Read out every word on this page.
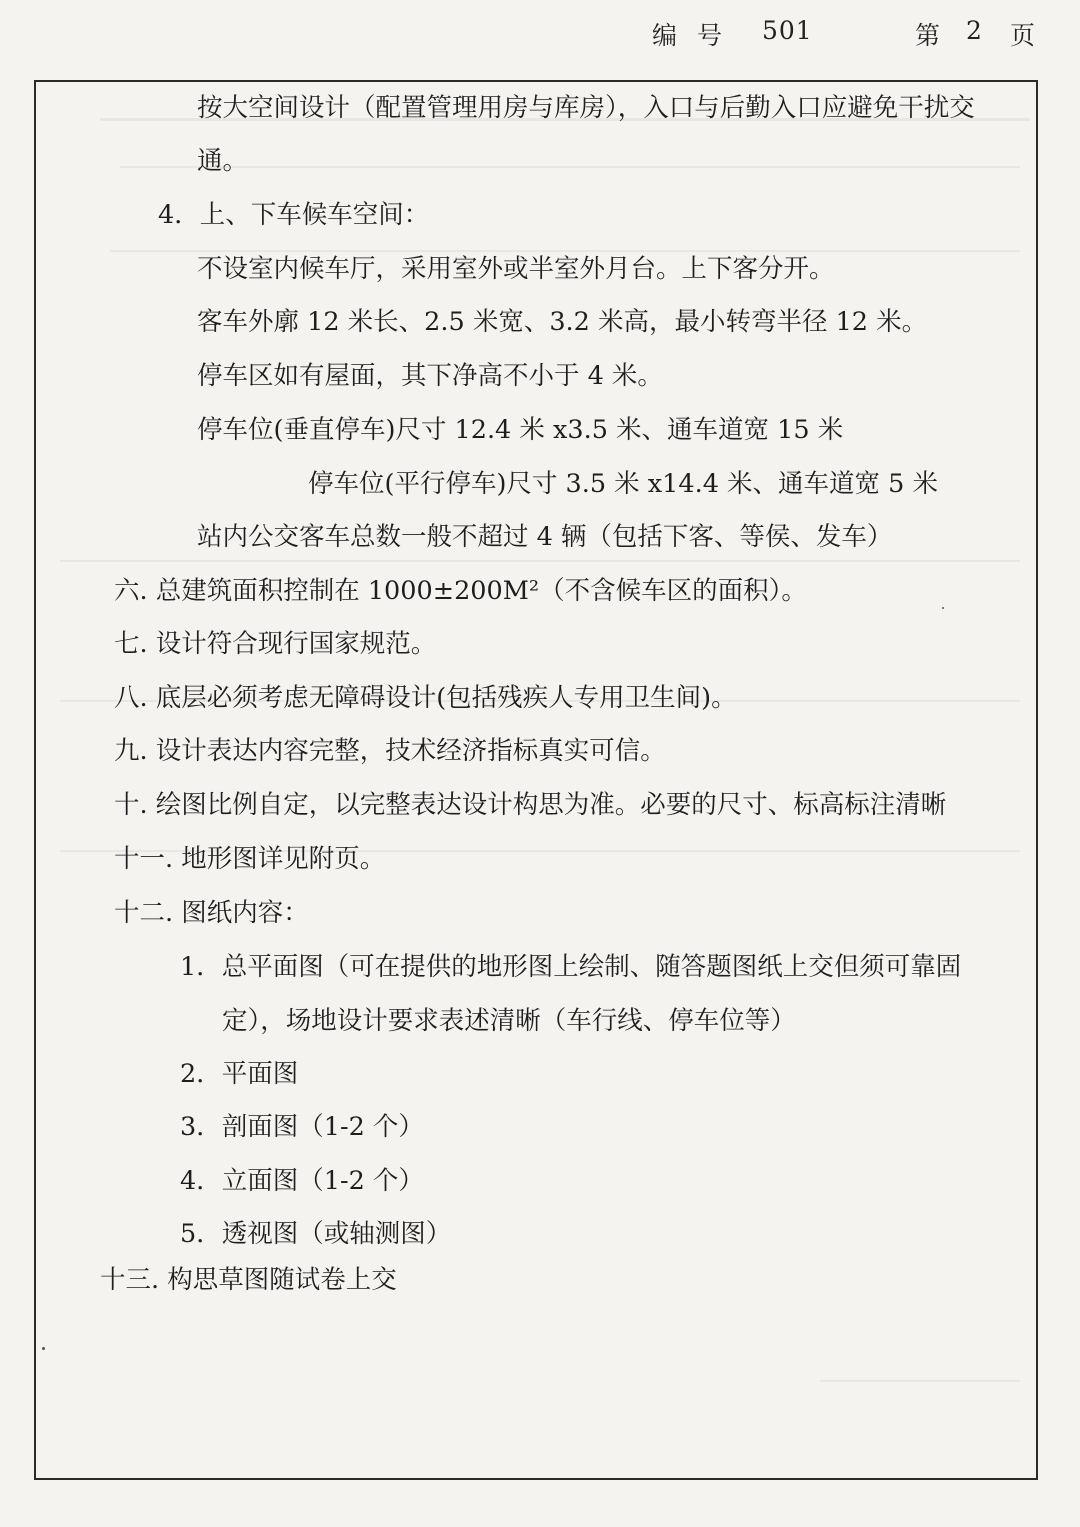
编 号 501	第 2 页
按大空间设计（配置管理用房与库房），入口与后勤入口应避免干扰交
通。
4．上、下车候车空间：
不设室内候车厅，采用室外或半室外月台。上下客分开。
客车外廓 12 米长、2.5 米宽、3.2 米高，最小转弯半径 12 米。
停车区如有屋面，其下净高不小于 4 米。
停车位(垂直停车)尺寸 12.4 米 x3.5 米、通车道宽 15 米
停车位(平行停车)尺寸 3.5 米 x14.4 米、通车道宽 5 米
站内公交客车总数一般不超过 4 辆（包括下客、等侯、发车）
六. 总建筑面积控制在 1000±200M²（不含候车区的面积）。
七. 设计符合现行国家规范。
八. 底层必须考虑无障碍设计(包括残疾人专用卫生间)。
九. 设计表达内容完整，技术经济指标真实可信。
十. 绘图比例自定，以完整表达设计构思为准。必要的尺寸、标高标注清晰
十一. 地形图详见附页。
十二. 图纸内容：
1．总平面图（可在提供的地形图上绘制、随答题图纸上交但须可靠固
定），场地设计要求表述清晰（车行线、停车位等）
2．平面图
3．剖面图（1-2 个）
4．立面图（1-2 个）
5．透视图（或轴测图）
十三. 构思草图随试卷上交
